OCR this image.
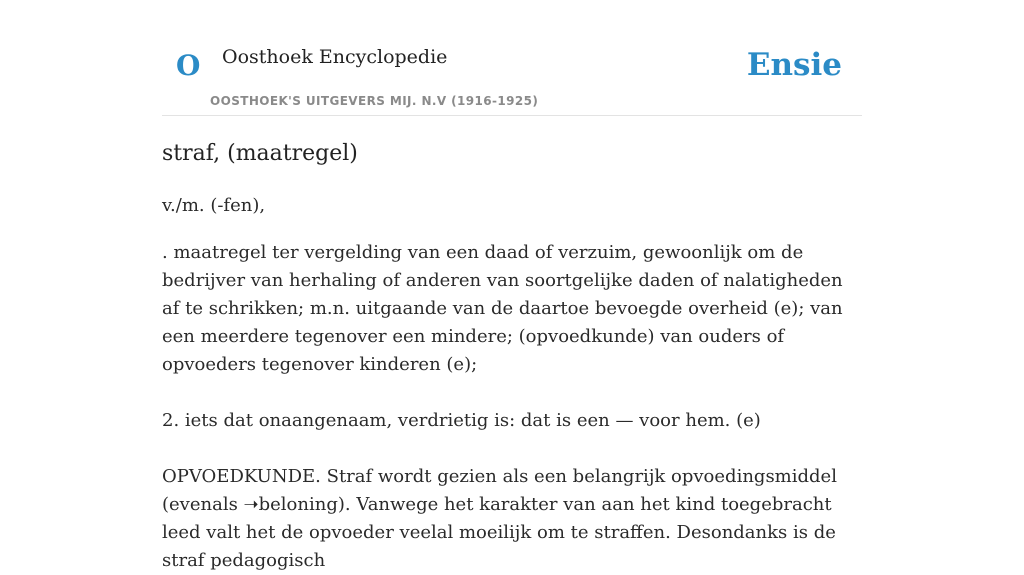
O Oosthoek Encyclopedie
OOSTHOEK'S UITGEVERS MIJ. N.V (1916-1925)
Ensie
straf, (maatregel)
v./m. (-fen),

. maatregel ter vergelding van een daad of verzuim, gewoonlijk om de bedrijver van herhaling of anderen van soortgelijke daden of nalatigheden af te schrikken; m.n. uitgaande van de daartoe bevoegde overheid (e); van een meerdere tegenover een mindere; (opvoedkunde) van ouders of opvoeders tegenover kinderen (e);

2. iets dat onaangenaam, verdrietig is: dat is een — voor hem. (e)

OPVOEDKUNDE. Straf wordt gezien als een belangrijk opvoedingsmiddel (evenals ➝beloning). Vanwege het karakter van aan het kind toegebracht leed valt het de opvoeder veelal moeilijk om te straffen. Desondanks is de straf pedagogisch
